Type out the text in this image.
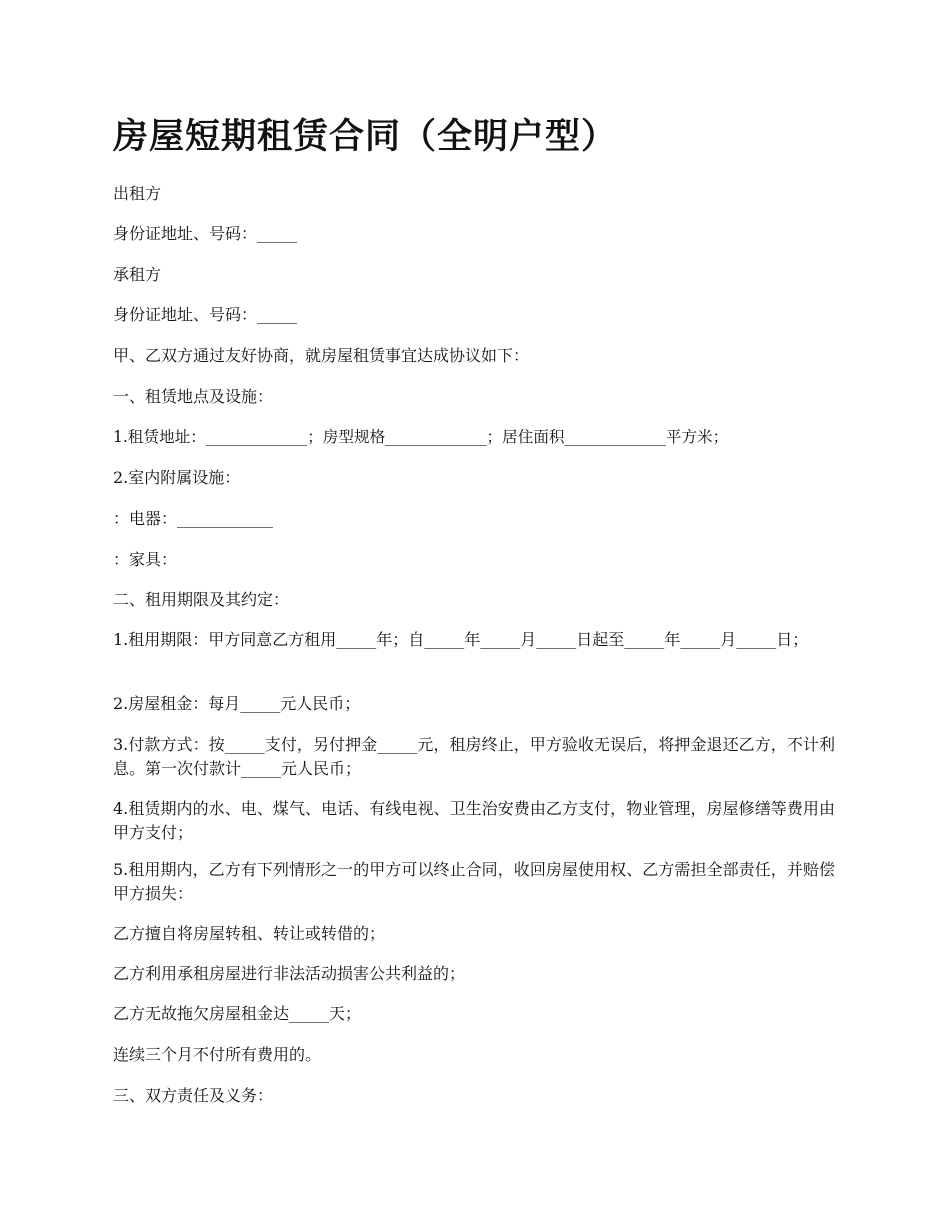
房屋短期租赁合同（全明户型）

出租方

身份证地址、号码：_____

承租方

身份证地址、号码：_____

甲、乙双方通过友好协商，就房屋租赁事宜达成协议如下：

一、租赁地点及设施：

1.租赁地址：_____________；房型规格_____________；居住面积_____________平方米；

2.室内附属设施：

：电器：____________

：家具：

二、租用期限及其约定：

1.租用期限：甲方同意乙方租用_____年；自_____年_____月_____日起至_____年_____月_____日；

2.房屋租金：每月_____元人民币；

3.付款方式：按_____支付，另付押金_____元，租房终止，甲方验收无误后，将押金退还乙方，不计利息。第一次付款计_____元人民币；

4.租赁期内的水、电、煤气、电话、有线电视、卫生治安费由乙方支付，物业管理，房屋修缮等费用由甲方支付；

5.租用期内，乙方有下列情形之一的甲方可以终止合同，收回房屋使用权、乙方需担全部责任，并赔偿甲方损失：

乙方擅自将房屋转租、转让或转借的；

乙方利用承租房屋进行非法活动损害公共利益的；

乙方无故拖欠房屋租金达_____天；

连续三个月不付所有费用的。

三、双方责任及义务：
